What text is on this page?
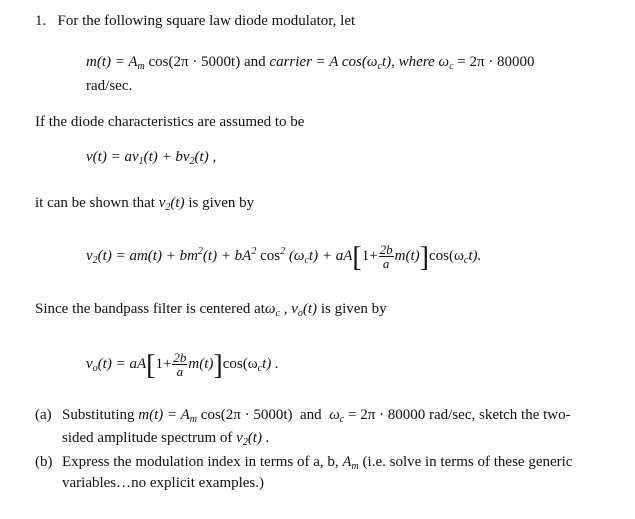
1. For the following square law diode modulator, let
$m(t) = A_m$ cos(2π · 5000t) and carrier = A $\cos(\omega_ct)$, where $\omega_c = 2\pi \cdot 80000$
rad/sec.
If the diode characteristics are assumed to be
$v(t) = av_1(t) + bv_2(t)$ ,
it can be shown that $v_2(t)$ is given by
$v_2(t) = am(t) + bm^2(t) + bA^2$ $\cos^2 (\omega_ct) + aA[1+ \frac{2b}{a} m(t)]\cos(\omega_ct)$.
Since the bandpass filter is centered atω$_c$ , $v_o(t)$ is given by
$v_o(t) = aA[1+ \frac{2b}{a} m(t)]\cos(\omega_ct)$ .
(a) Substituting $m(t) = A_m$ cos(2π · 5000t)  and  $\omega_c = 2\pi \cdot 80000$ rad/sec, sketch the two-
sided amplitude spectrum of $v_2(t)$ .
(b) Express the modulation index in terms of a, b, $A_m$ (i.e. solve in terms of these generic
variables…no explicit examples.)
